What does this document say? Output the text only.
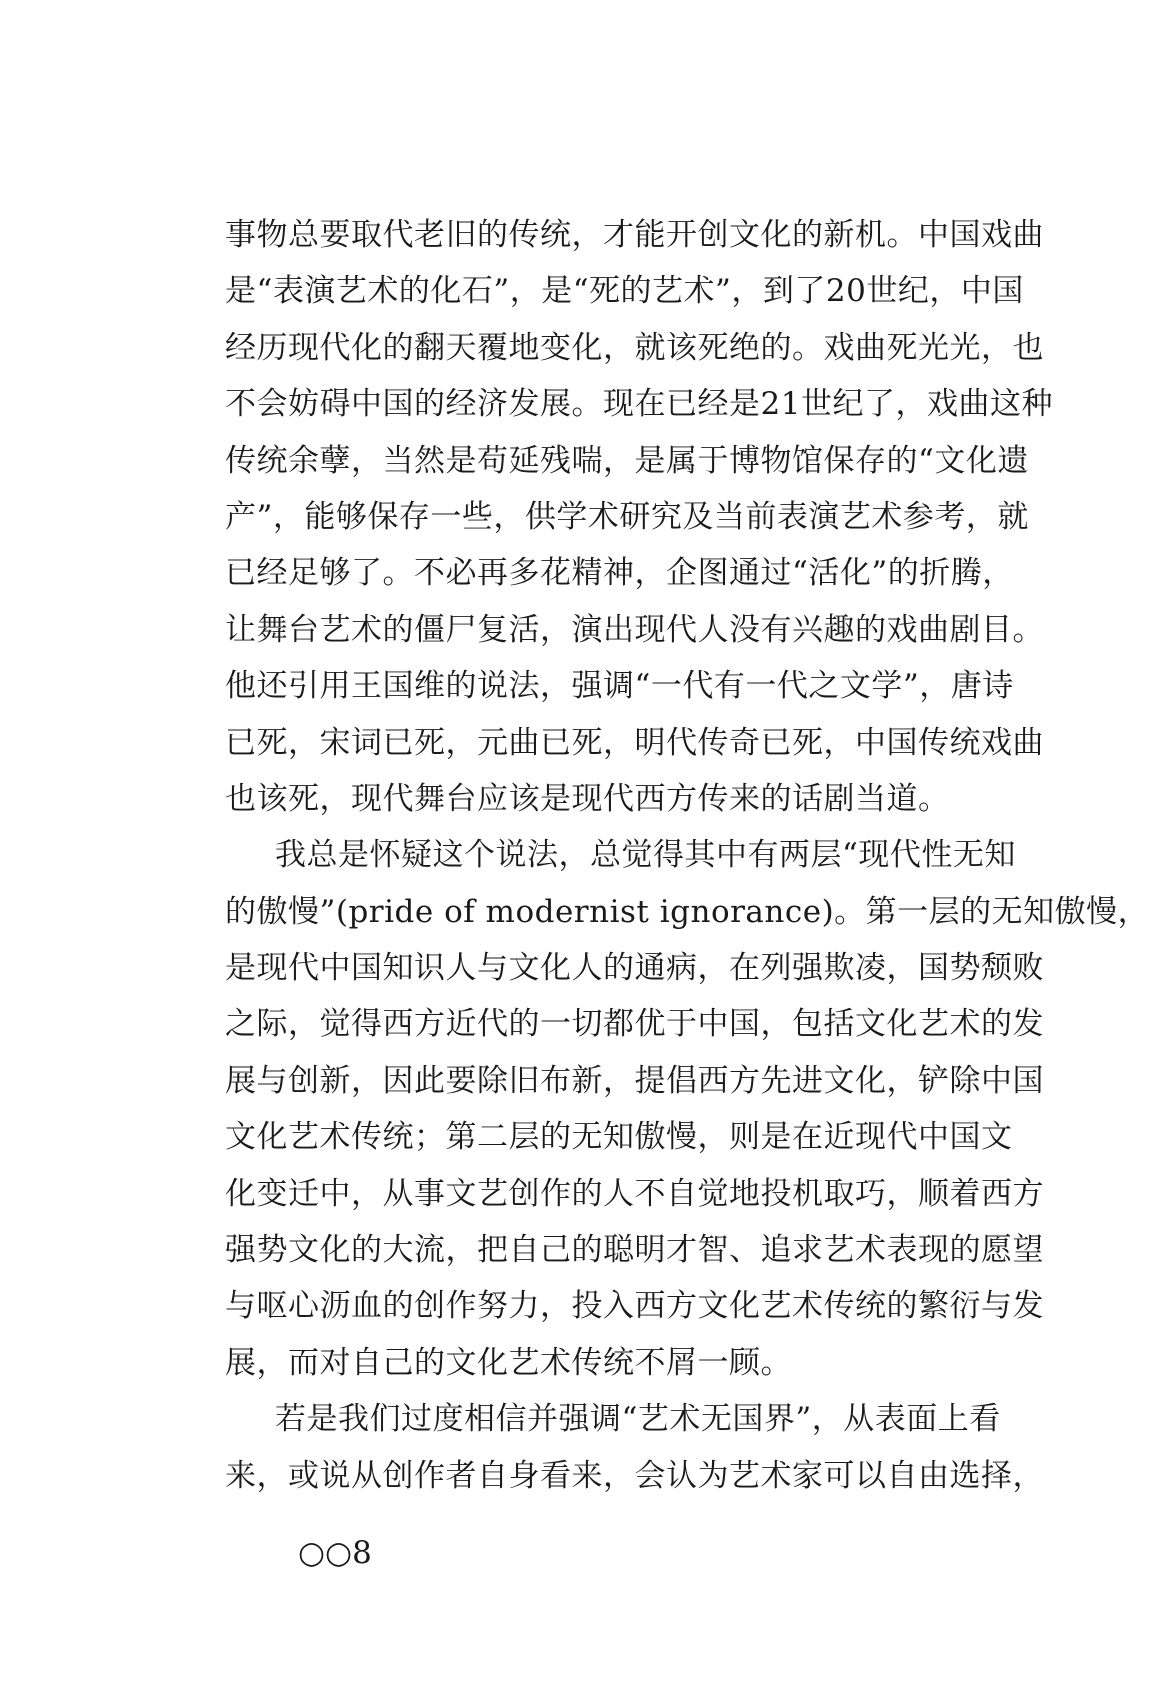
事物总要取代老旧的传统，才能开创文化的新机。中国戏曲
是“表演艺术的化石”，是“死的艺术”，到了20世纪，中国
经历现代化的翻天覆地变化，就该死绝的。戏曲死光光，也
不会妨碍中国的经济发展。现在已经是21世纪了，戏曲这种
传统余孽，当然是苟延残喘，是属于博物馆保存的“文化遗
产”，能够保存一些，供学术研究及当前表演艺术参考，就
已经足够了。不必再多花精神，企图通过“活化”的折腾，
让舞台艺术的僵尸复活，演出现代人没有兴趣的戏曲剧目。
他还引用王国维的说法，强调“一代有一代之文学”，唐诗
已死，宋词已死，元曲已死，明代传奇已死，中国传统戏曲
也该死，现代舞台应该是现代西方传来的话剧当道。
我总是怀疑这个说法，总觉得其中有两层“现代性无知
的傲慢”(pride of modernist ignorance)。第一层的无知傲慢，
是现代中国知识人与文化人的通病，在列强欺凌，国势颓败
之际，觉得西方近代的一切都优于中国，包括文化艺术的发
展与创新，因此要除旧布新，提倡西方先进文化，铲除中国
文化艺术传统；第二层的无知傲慢，则是在近现代中国文
化变迁中，从事文艺创作的人不自觉地投机取巧，顺着西方
强势文化的大流，把自己的聪明才智、追求艺术表现的愿望
与呕心沥血的创作努力，投入西方文化艺术传统的繁衍与发
展，而对自己的文化艺术传统不屑一顾。
若是我们过度相信并强调“艺术无国界”，从表面上看
来，或说从创作者自身看来，会认为艺术家可以自由选择，
○○8
